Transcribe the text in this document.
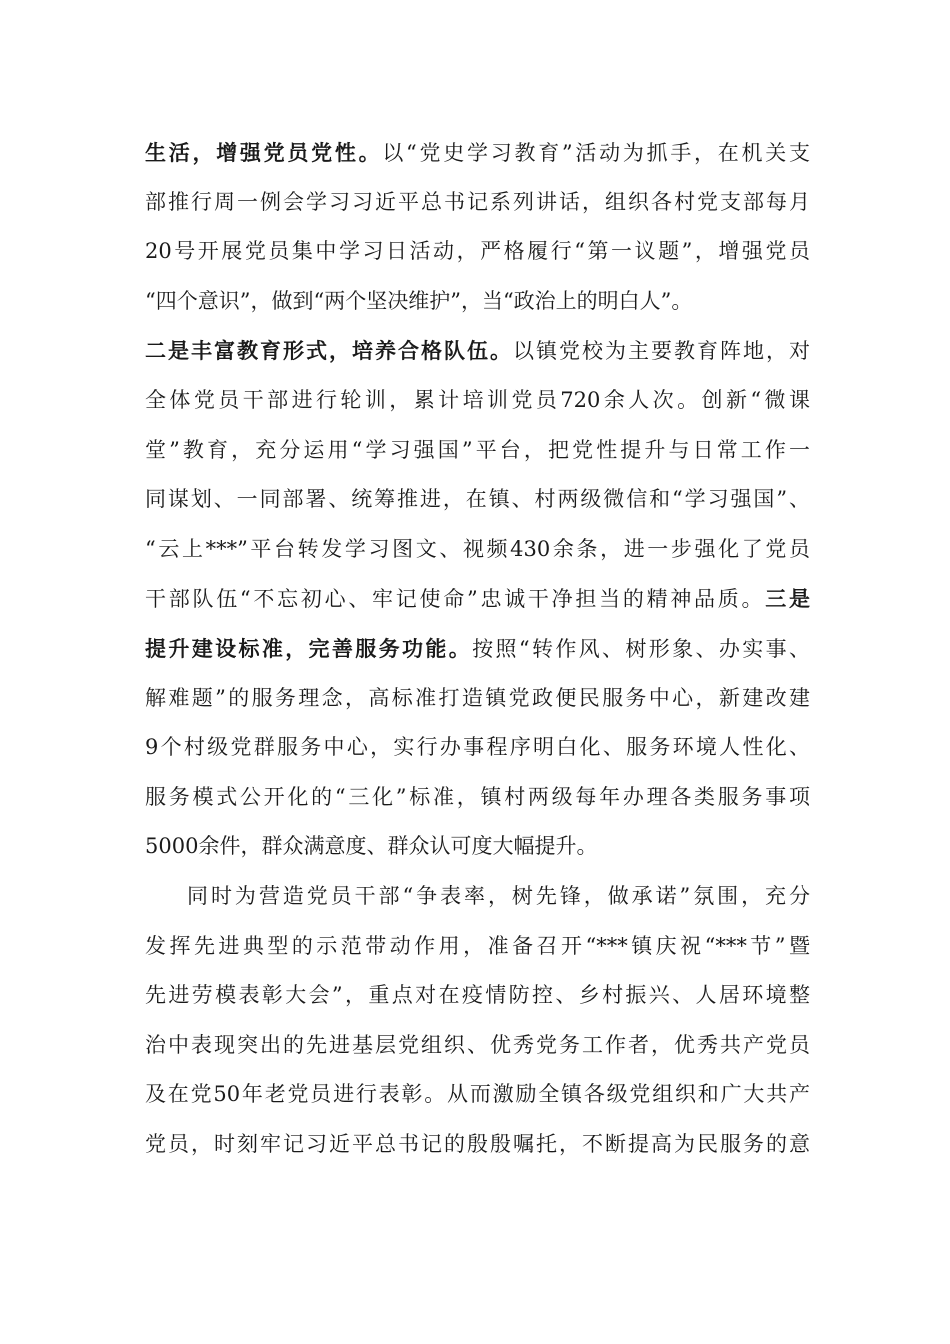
生活，增强党员党性。以“党史学习教育”活动为抓手，在机关支
部推行周一例会学习习近平总书记系列讲话，组织各村党支部每月
20号开展党员集中学习日活动，严格履行“第一议题”，增强党员
“四个意识”，做到“两个坚决维护”，当“政治上的明白人”。
二是丰富教育形式，培养合格队伍。以镇党校为主要教育阵地，对
全体党员干部进行轮训，累计培训党员720余人次。创新“微课
堂”教育，充分运用“学习强国”平台，把党性提升与日常工作一
同谋划、一同部署、统筹推进，在镇、村两级微信和“学习强国”、
“云上***”平台转发学习图文、视频430余条，进一步强化了党员
干部队伍“不忘初心、牢记使命”忠诚干净担当的精神品质。三是
提升建设标准，完善服务功能。按照“转作风、树形象、办实事、
解难题”的服务理念，高标准打造镇党政便民服务中心，新建改建
9个村级党群服务中心，实行办事程序明白化、服务环境人性化、
服务模式公开化的“三化”标准，镇村两级每年办理各类服务事项
5000余件，群众满意度、群众认可度大幅提升。
同时为营造党员干部“争表率，树先锋，做承诺”氛围，充分
发挥先进典型的示范带动作用，准备召开“***镇庆祝“***节”暨
先进劳模表彰大会”，重点对在疫情防控、乡村振兴、人居环境整
治中表现突出的先进基层党组织、优秀党务工作者，优秀共产党员
及在党50年老党员进行表彰。从而激励全镇各级党组织和广大共产
党员，时刻牢记习近平总书记的殷殷嘱托，不断提高为民服务的意
